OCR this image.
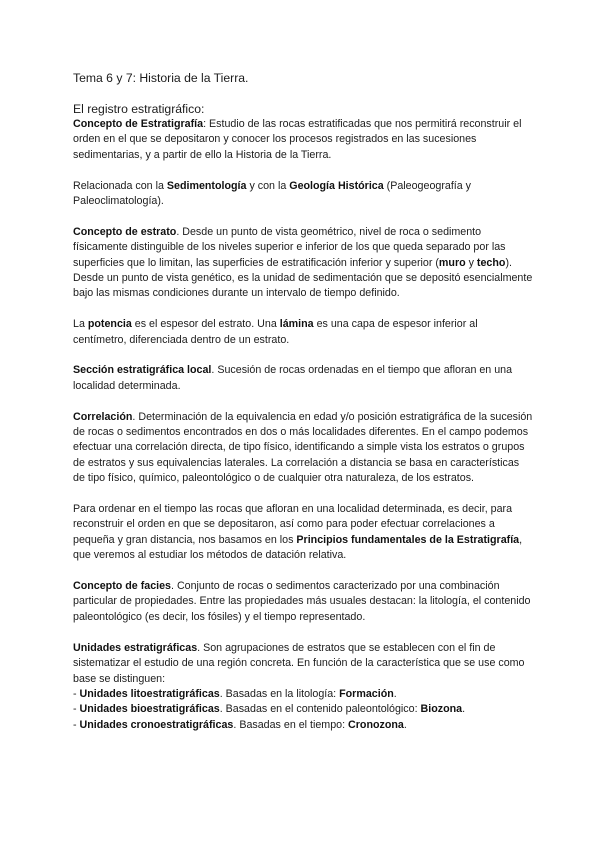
Tema 6 y 7: Historia de la Tierra.

El registro estratigráfico:

Concepto de Estratigrafía: Estudio de las rocas estratificadas que nos permitirá reconstruir el orden en el que se depositaron y conocer los procesos registrados en las sucesiones sedimentarias, y a partir de ello la Historia de la Tierra.

Relacionada con la Sedimentología y con la Geología Histórica (Paleogeografía y Paleoclimatología).

Concepto de estrato. Desde un punto de vista geométrico, nivel de roca o sedimento físicamente distinguible de los niveles superior e inferior de los que queda separado por las superficies que lo limitan, las superficies de estratificación inferior y superior (muro y techo). Desde un punto de vista genético, es la unidad de sedimentación que se depositó esencialmente bajo las mismas condiciones durante un intervalo de tiempo definido.

La potencia es el espesor del estrato. Una lámina es una capa de espesor inferior al centímetro, diferenciada dentro de un estrato.

Sección estratigráfica local. Sucesión de rocas ordenadas en el tiempo que afloran en una localidad determinada.

Correlación. Determinación de la equivalencia en edad y/o posición estratigráfica de la sucesión de rocas o sedimentos encontrados en dos o más localidades diferentes. En el campo podemos efectuar una correlación directa, de tipo físico, identificando a simple vista los estratos o grupos de estratos y sus equivalencias laterales. La correlación a distancia se basa en características de tipo físico, químico, paleontológico o de cualquier otra naturaleza, de los estratos.

Para ordenar en el tiempo las rocas que afloran en una localidad determinada, es decir, para reconstruir el orden en que se depositaron, así como para poder efectuar correlaciones a pequeña y gran distancia, nos basamos en los Principios fundamentales de la Estratigrafía, que veremos al estudiar los métodos de datación relativa.

Concepto de facies. Conjunto de rocas o sedimentos caracterizado por una combinación particular de propiedades. Entre las propiedades más usuales destacan: la litología, el contenido paleontológico (es decir, los fósiles) y el tiempo representado.

Unidades estratigráficas. Son agrupaciones de estratos que se establecen con el fin de sistematizar el estudio de una región concreta. En función de la característica que se use como base se distinguen:

- Unidades litoestratigráficas. Basadas en la litología: Formación.
- Unidades bioestratigráficas. Basadas en el contenido paleontológico: Biozona.
- Unidades cronoestratigráficas. Basadas en el tiempo: Cronozona.
